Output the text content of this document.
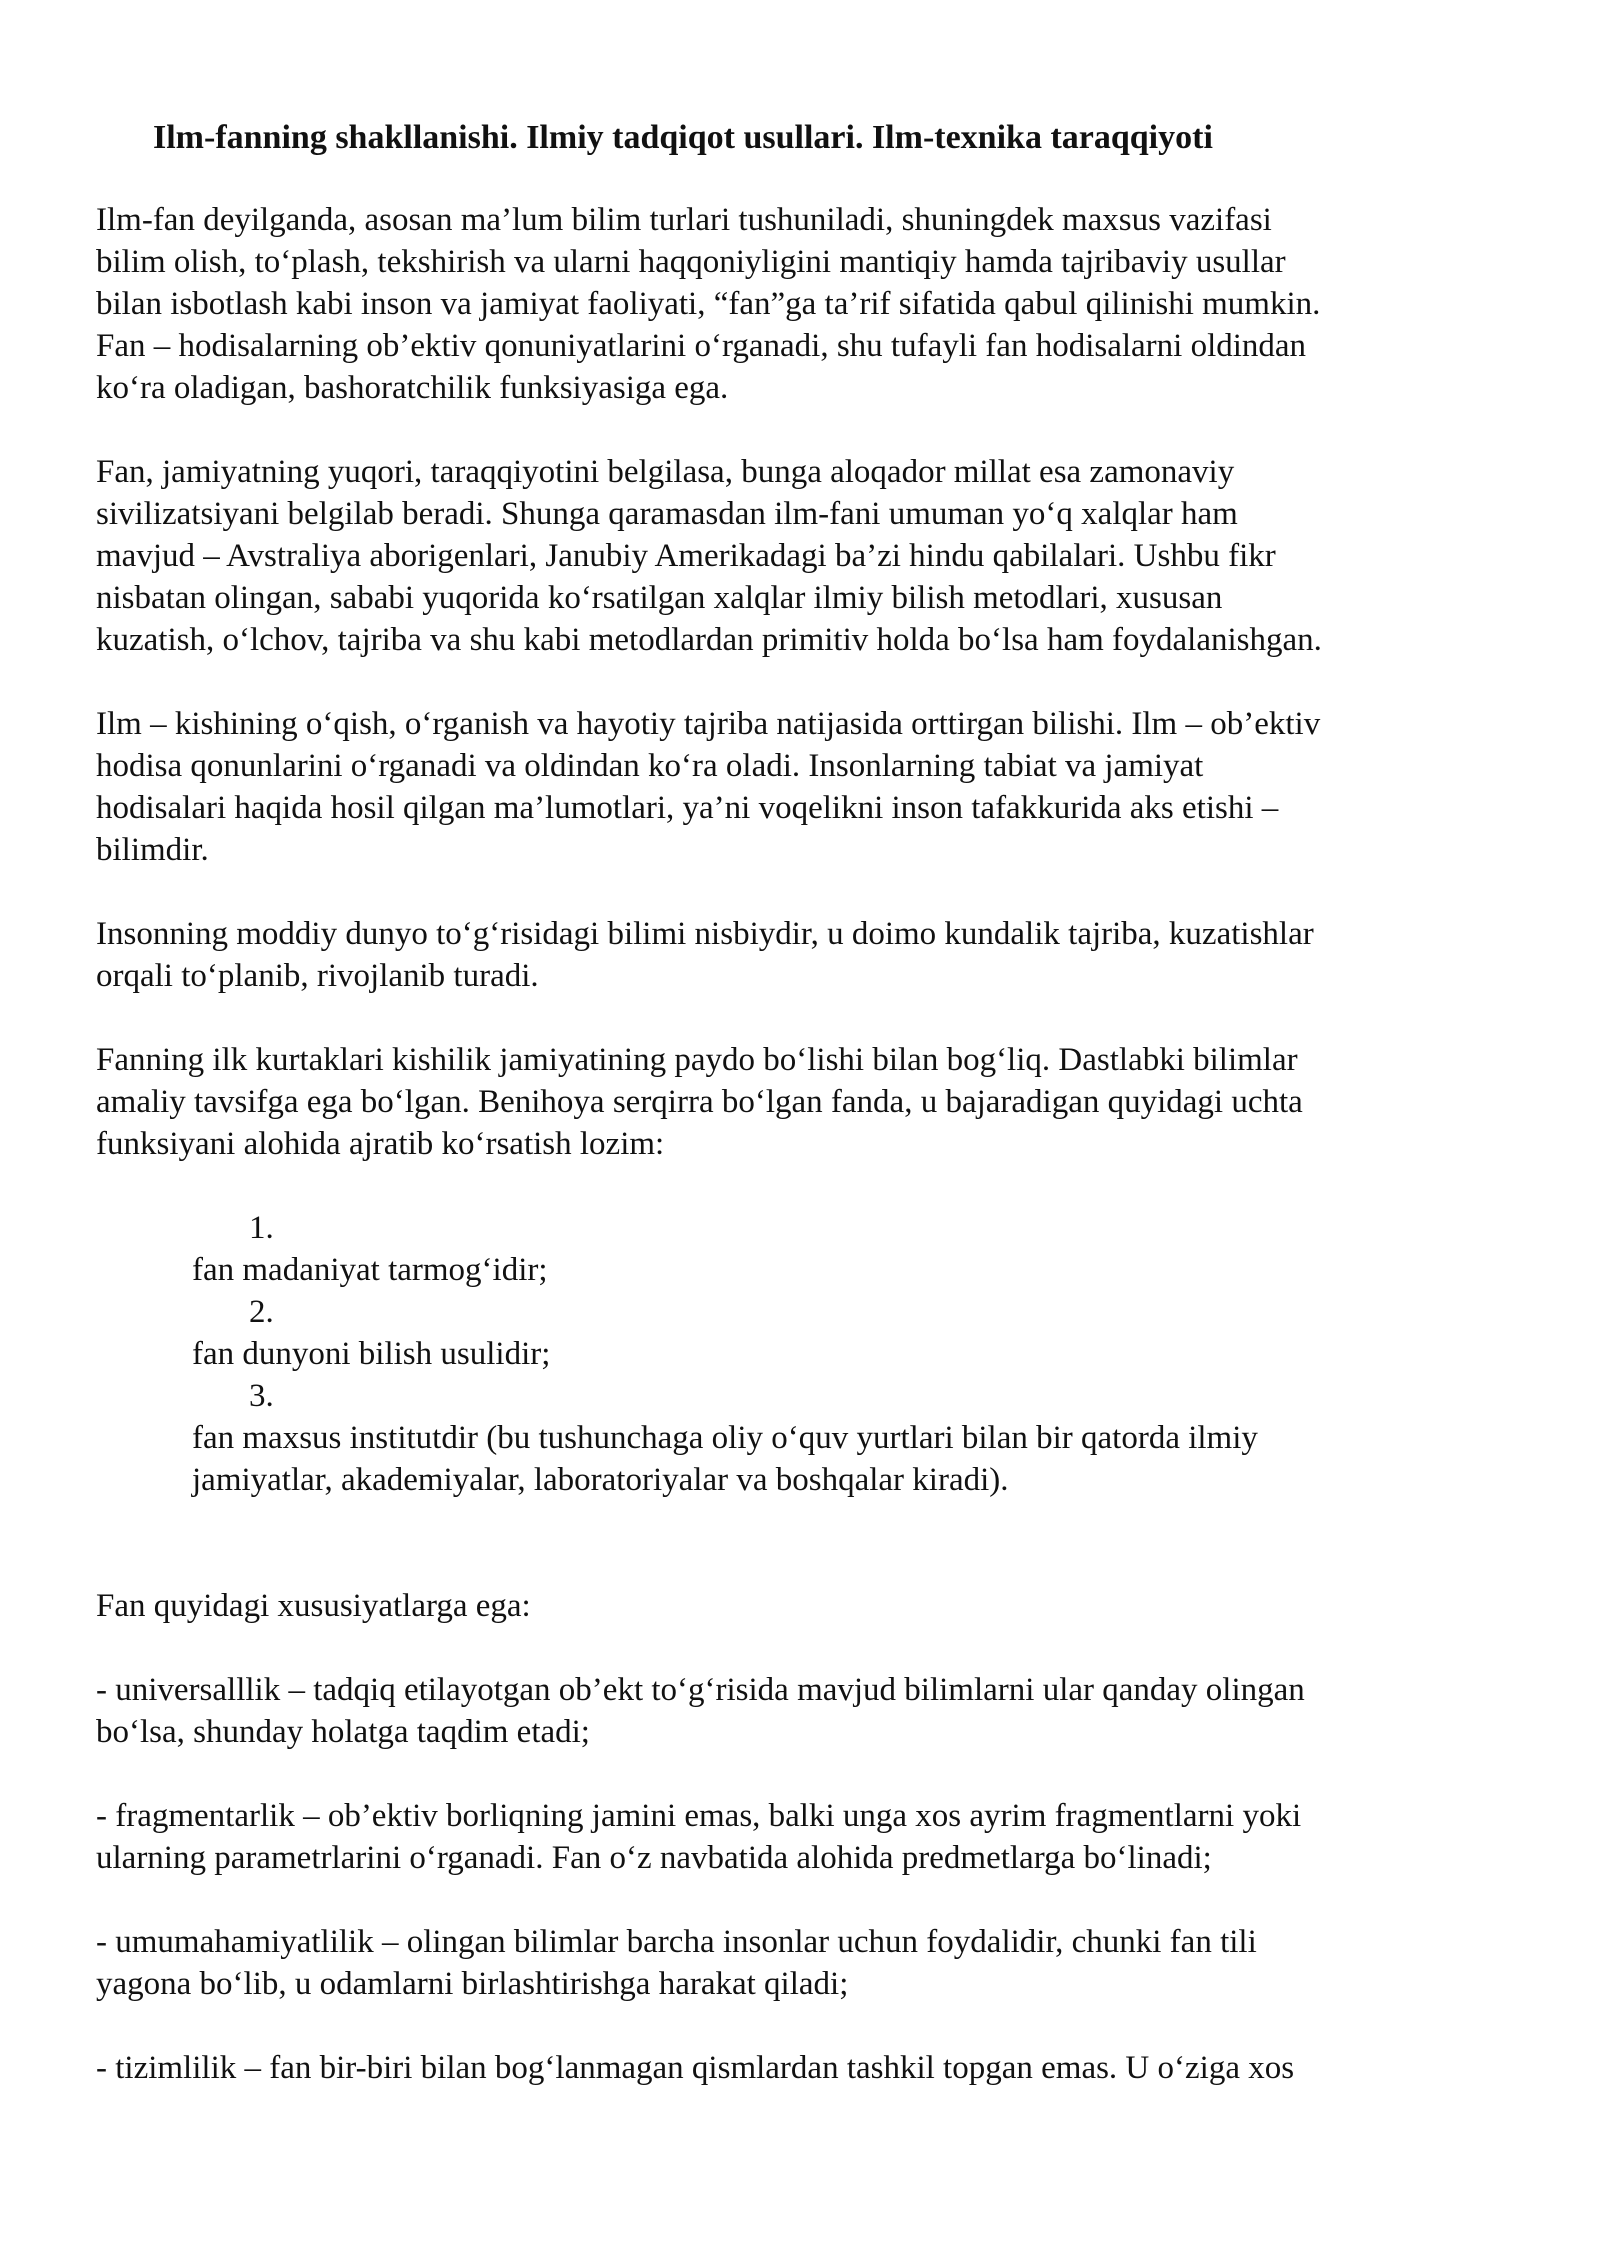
Ilm-fanning shakllanishi. Ilmiy tadqiqot usullari. Ilm-texnika taraqqiyoti

Ilm-fan deyilganda, asosan ma’lum bilim turlari tushuniladi, shuningdek maxsus vazifasi
bilim olish, to‘plash, tekshirish va ularni haqqoniyligini mantiqiy hamda tajribaviy usullar
bilan isbotlash kabi inson va jamiyat faoliyati, “fan”ga ta’rif sifatida qabul qilinishi mumkin.
Fan – hodisalarning ob’ektiv qonuniyatlarini o‘rganadi, shu tufayli fan hodisalarni oldindan
ko‘ra oladigan, bashoratchilik funksiyasiga ega.

Fan, jamiyatning yuqori, taraqqiyotini belgilasa, bunga aloqador millat esa zamonaviy
sivilizatsiyani belgilab beradi. Shunga qaramasdan ilm-fani umuman yo‘q xalqlar ham
mavjud – Avstraliya aborigenlari, Janubiy Amerikadagi ba’zi hindu qabilalari. Ushbu fikr
nisbatan olingan, sababi yuqorida ko‘rsatilgan xalqlar ilmiy bilish metodlari, xususan
kuzatish, o‘lchov, tajriba va shu kabi metodlardan primitiv holda bo‘lsa ham foydalanishgan.

Ilm – kishining o‘qish, o‘rganish va hayotiy tajriba natijasida orttirgan bilishi. Ilm – ob’ektiv
hodisa qonunlarini o‘rganadi va oldindan ko‘ra oladi. Insonlarning tabiat va jamiyat
hodisalari haqida hosil qilgan ma’lumotlari, ya’ni voqelikni inson tafakkurida aks etishi –
bilimdir.

Insonning moddiy dunyo to‘g‘risidagi bilimi nisbiydir, u doimo kundalik tajriba, kuzatishlar
orqali to‘planib, rivojlanib turadi.

Fanning ilk kurtaklari kishilik jamiyatining paydo bo‘lishi bilan bog‘liq. Dastlabki bilimlar
amaliy tavsifga ega bo‘lgan. Benihoya serqirra bo‘lgan fanda, u bajaradigan quyidagi uchta
funksiyani alohida ajratib ko‘rsatish lozim:

1.
fan madaniyat tarmog‘idir;
2.
fan dunyoni bilish usulidir;
3.
fan maxsus institutdir (bu tushunchaga oliy o‘quv yurtlari bilan bir qatorda ilmiy
jamiyatlar, akademiyalar, laboratoriyalar va boshqalar kiradi).

Fan quyidagi xususiyatlarga ega:

- universalllik – tadqiq etilayotgan ob’ekt to‘g‘risida mavjud bilimlarni ular qanday olingan
bo‘lsa, shunday holatga taqdim etadi;

- fragmentarlik – ob’ektiv borliqning jamini emas, balki unga xos ayrim fragmentlarni yoki
ularning parametrlarini o‘rganadi. Fan o‘z navbatida alohida predmetlarga bo‘linadi;

- umumahamiyatlilik – olingan bilimlar barcha insonlar uchun foydalidir, chunki fan tili
yagona bo‘lib, u odamlarni birlashtirishga harakat qiladi;

- tizimlilik – fan bir-biri bilan bog‘lanmagan qismlardan tashkil topgan emas. U o‘ziga xos
